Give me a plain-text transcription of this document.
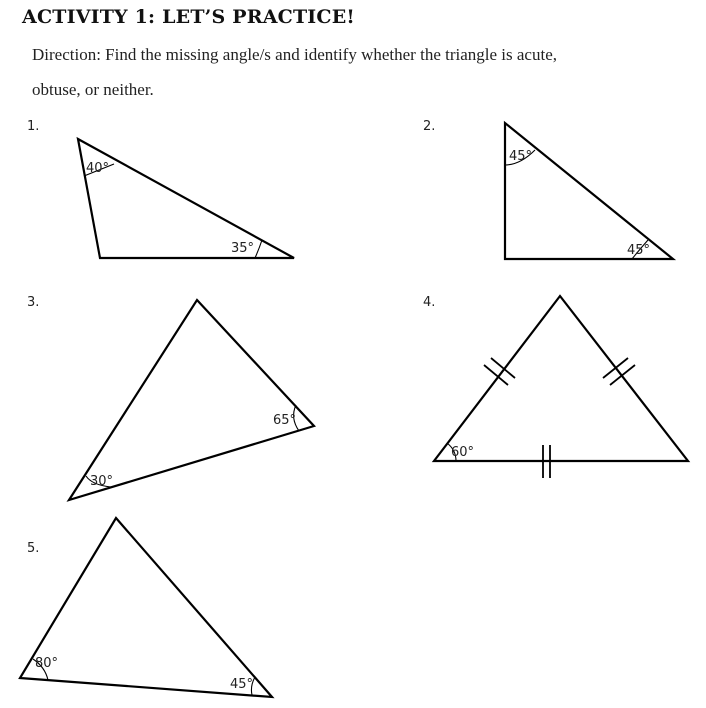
ACTIVITY 1: LET’S PRACTICE!
Direction: Find the missing angle/s and identify whether the triangle is acute,
obtuse, or neither.
1.
40°
35°
2.
45°
45°
3.
65°
30°
4.
60°
5.
80°
45°
